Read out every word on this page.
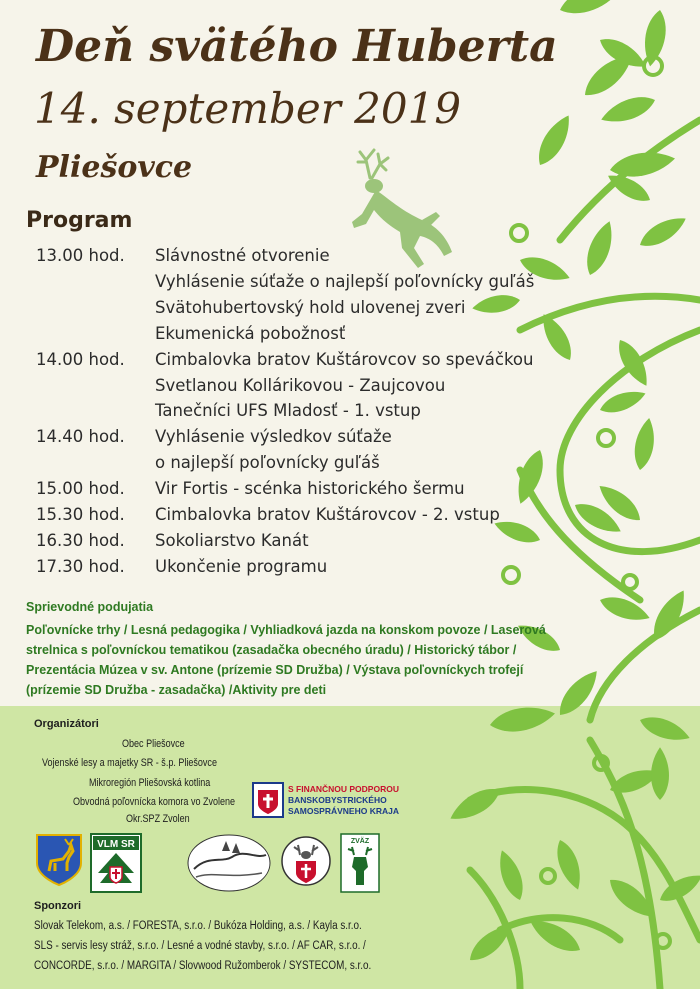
Deň svätého Huberta
14. september 2019
Pliešovce
Program
13.00 hod.	Slávnostné otvorenie
Vyhlásenie súťaže o najlepší poľovnícky guľáš
Svätohubertovský hold ulovenej zveri
Ekumenická pobožnosť
14.00 hod.	Cimbalovka bratov Kuštárovcov so speváčkou
Svetlanou Kollárikovou - Zaujcovou
Tanečníci UFS Mladosť - 1. vstup
14.40 hod.	Vyhlásenie výsledkov súťaže
o najlepší poľovnícky guľáš
15.00 hod.	Vir Fortis - scénka historického šermu
15.30 hod.	Cimbalovka bratov Kuštárovcov - 2. vstup
16.30 hod.	Sokoliarstvo Kanát
17.30 hod.	Ukončenie programu
Sprievodné podujatia
Poľovnícke trhy / Lesná pedagogika / Vyhliadková jazda na konskom povoze / Laserová
strelnica s poľovníckou tematikou (zasadačka obecného úradu) / Historický tábor /
Prezentácia Múzea v sv. Antone (prízemie SD Družba) / Výstava poľovníckych trofejí
(prízemie SD Družba - zasadačka) /Aktivity pre deti
Organizátori
Obec Pliešovce
Vojenské lesy a majetky SR - š.p. Pliešovce
Mikroregión Pliešovská kotlina
Obvodná poľovnícka komora vo Zvolene
Okr.SPZ Zvolen
S FINANČNOU PODPOROU
BANSKOBYSTRICKÉHO
SAMOSPRÁVNEHO KRAJA
VLM SR	ZVÄZ
Sponzori
Slovak Telekom, a.s. / FORESTA, s.r.o. / Bukóza Holding, a.s. / Kayla s.r.o.
SLS - servis lesy stráž, s.r.o. / Lesné a vodné stavby, s.r.o. / AF CAR, s.r.o. /
CONCORDE, s.r.o. / MARGITA / Slovwood Ružomberok / SYSTECOM, s.r.o.
